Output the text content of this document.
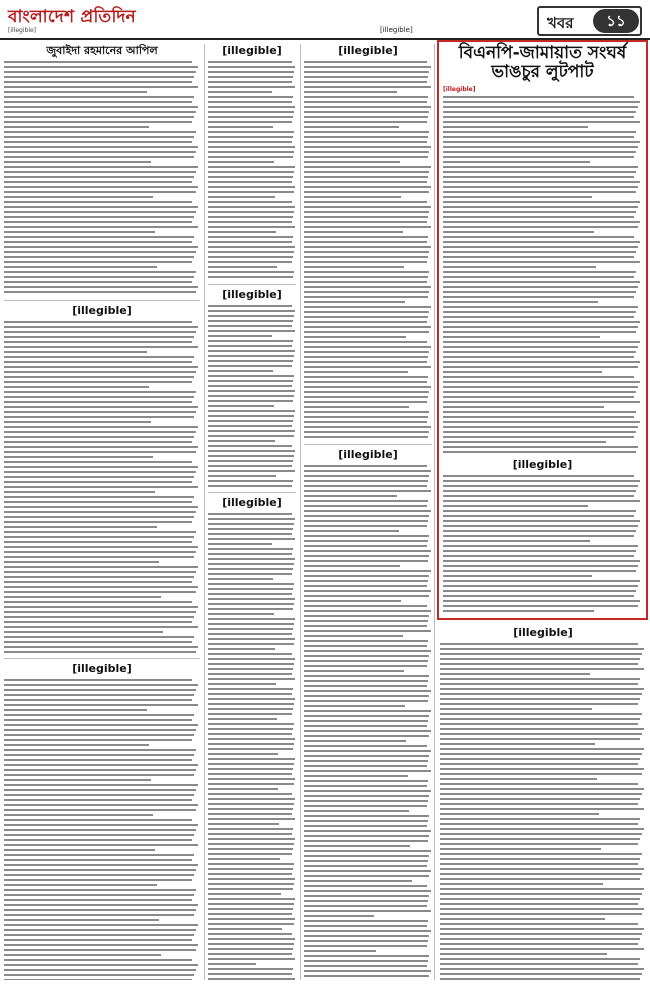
বাংলাদেশ প্রতিদিন
[illegible]	[illegible]	খবর	১১
জুবাইদা রহমানের আপিল
[illegible]
[illegible]
[illegible]
[illegible]
[illegible]
[illegible]
[illegible]
বিএনপি-জামায়াত সংঘর্ষ ভাঙচুর লুটপাট
[illegible]
[illegible]
[illegible]
